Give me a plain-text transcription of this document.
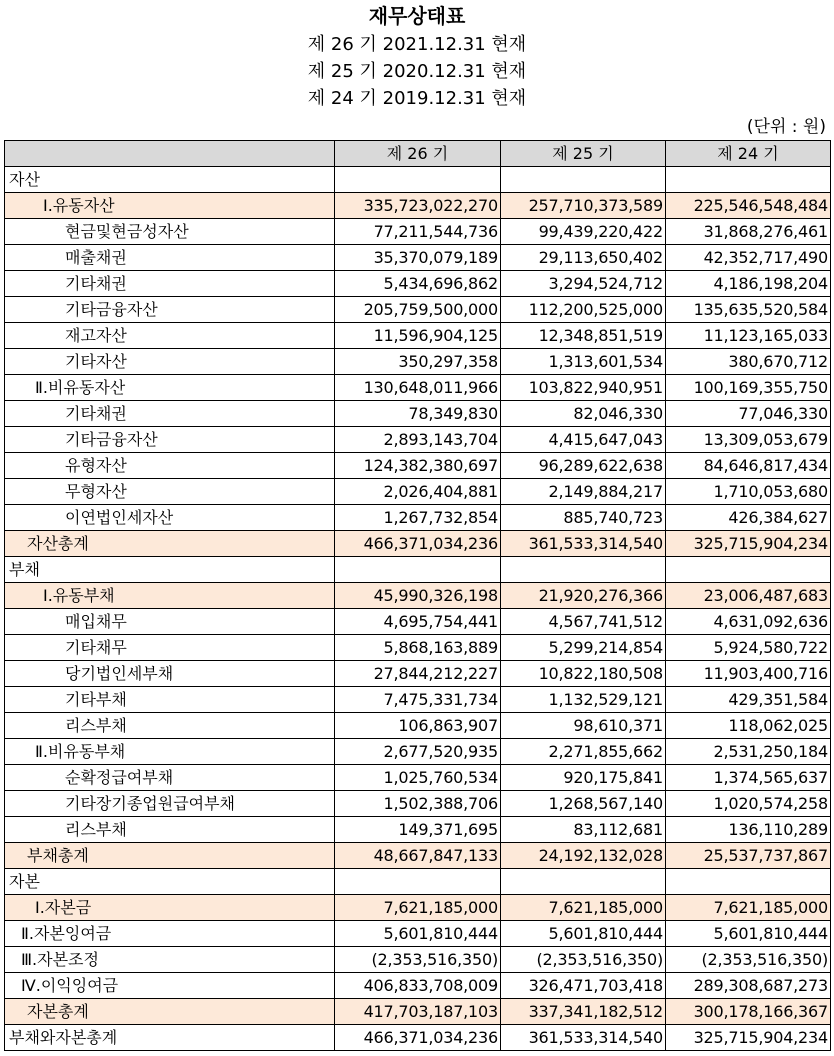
재무상태표
제 26 기 2021.12.31 현재
제 25 기 2020.12.31 현재
제 24 기 2019.12.31 현재
(단위 : 원)
	제 26 기	제 25 기	제 24 기
자산			
Ⅰ.유동자산	335,723,022,270	257,710,373,589	225,546,548,484
현금및현금성자산	77,211,544,736	99,439,220,422	31,868,276,461
매출채권	35,370,079,189	29,113,650,402	42,352,717,490
기타채권	5,434,696,862	3,294,524,712	4,186,198,204
기타금융자산	205,759,500,000	112,200,525,000	135,635,520,584
재고자산	11,596,904,125	12,348,851,519	11,123,165,033
기타자산	350,297,358	1,313,601,534	380,670,712
Ⅱ.비유동자산	130,648,011,966	103,822,940,951	100,169,355,750
기타채권	78,349,830	82,046,330	77,046,330
기타금융자산	2,893,143,704	4,415,647,043	13,309,053,679
유형자산	124,382,380,697	96,289,622,638	84,646,817,434
무형자산	2,026,404,881	2,149,884,217	1,710,053,680
이연법인세자산	1,267,732,854	885,740,723	426,384,627
자산총계	466,371,034,236	361,533,314,540	325,715,904,234
부채			
Ⅰ.유동부채	45,990,326,198	21,920,276,366	23,006,487,683
매입채무	4,695,754,441	4,567,741,512	4,631,092,636
기타채무	5,868,163,889	5,299,214,854	5,924,580,722
당기법인세부채	27,844,212,227	10,822,180,508	11,903,400,716
기타부채	7,475,331,734	1,132,529,121	429,351,584
리스부채	106,863,907	98,610,371	118,062,025
Ⅱ.비유동부채	2,677,520,935	2,271,855,662	2,531,250,184
순확정급여부채	1,025,760,534	920,175,841	1,374,565,637
기타장기종업원급여부채	1,502,388,706	1,268,567,140	1,020,574,258
리스부채	149,371,695	83,112,681	136,110,289
부채총계	48,667,847,133	24,192,132,028	25,537,737,867
자본			
Ⅰ.자본금	7,621,185,000	7,621,185,000	7,621,185,000
Ⅱ.자본잉여금	5,601,810,444	5,601,810,444	5,601,810,444
Ⅲ.자본조정	(2,353,516,350)	(2,353,516,350)	(2,353,516,350)
Ⅳ.이익잉여금	406,833,708,009	326,471,703,418	289,308,687,273
자본총계	417,703,187,103	337,341,182,512	300,178,166,367
부채와자본총계	466,371,034,236	361,533,314,540	325,715,904,234
